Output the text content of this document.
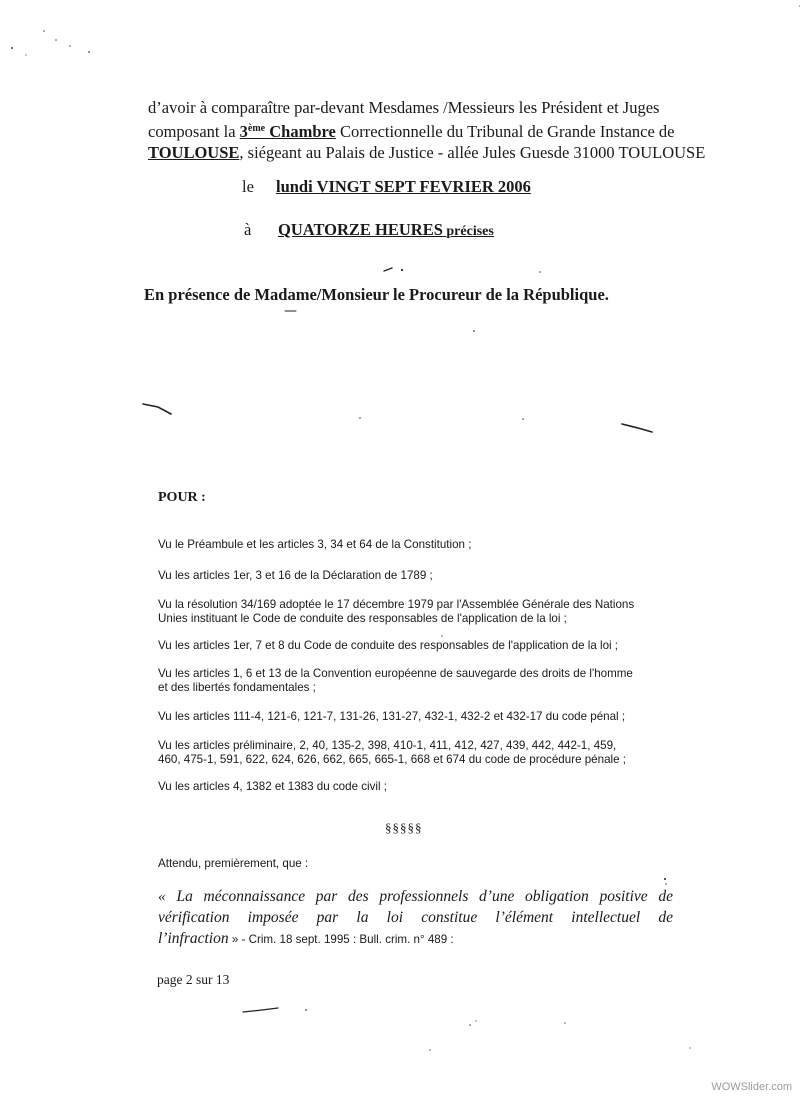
d’avoir à comparaître par-devant Mesdames /Messieurs les Président et Juges
composant la 3ème Chambre Correctionnelle du Tribunal de Grande Instance de
TOULOUSE, siégeant au Palais de Justice - allée Jules Guesde 31000 TOULOUSE
le lundi VINGT SEPT FEVRIER 2006
à QUATORZE HEURES précises
En présence de Madame/Monsieur le Procureur de la République.
POUR :
Vu le Préambule et les articles 3, 34 et 64 de la Constitution ;
Vu les articles 1er, 3 et 16 de la Déclaration de 1789 ;
Vu la résolution 34/169 adoptée le 17 décembre 1979 par l'Assemblée Générale des Nations
Unies instituant le Code de conduite des responsables de l'application de la loi ;
Vu les articles 1er, 7 et 8 du Code de conduite des responsables de l'application de la loi ;
Vu les articles 1, 6 et 13 de la Convention européenne de sauvegarde des droits de l'homme
et des libertés fondamentales ;
Vu les articles 111-4, 121-6, 121-7, 131-26, 131-27, 432-1, 432-2 et 432-17 du code pénal ;
Vu les articles préliminaire, 2, 40, 135-2, 398, 410-1, 411, 412, 427, 439, 442, 442-1, 459,
460, 475-1, 591, 622, 624, 626, 662, 665, 665-1, 668 et 674 du code de procédure pénale ;
Vu les articles 4, 1382 et 1383 du code civil ;
§§§§§
Attendu, premièrement, que :
« La méconnaissance par des professionnels d’une obligation positive de
vérification imposée par la loi constitue l’élément intellectuel de
l’infraction » - Crim. 18 sept. 1995 : Bull. crim. n° 489 :
page 2 sur 13
WOWSlider.com
